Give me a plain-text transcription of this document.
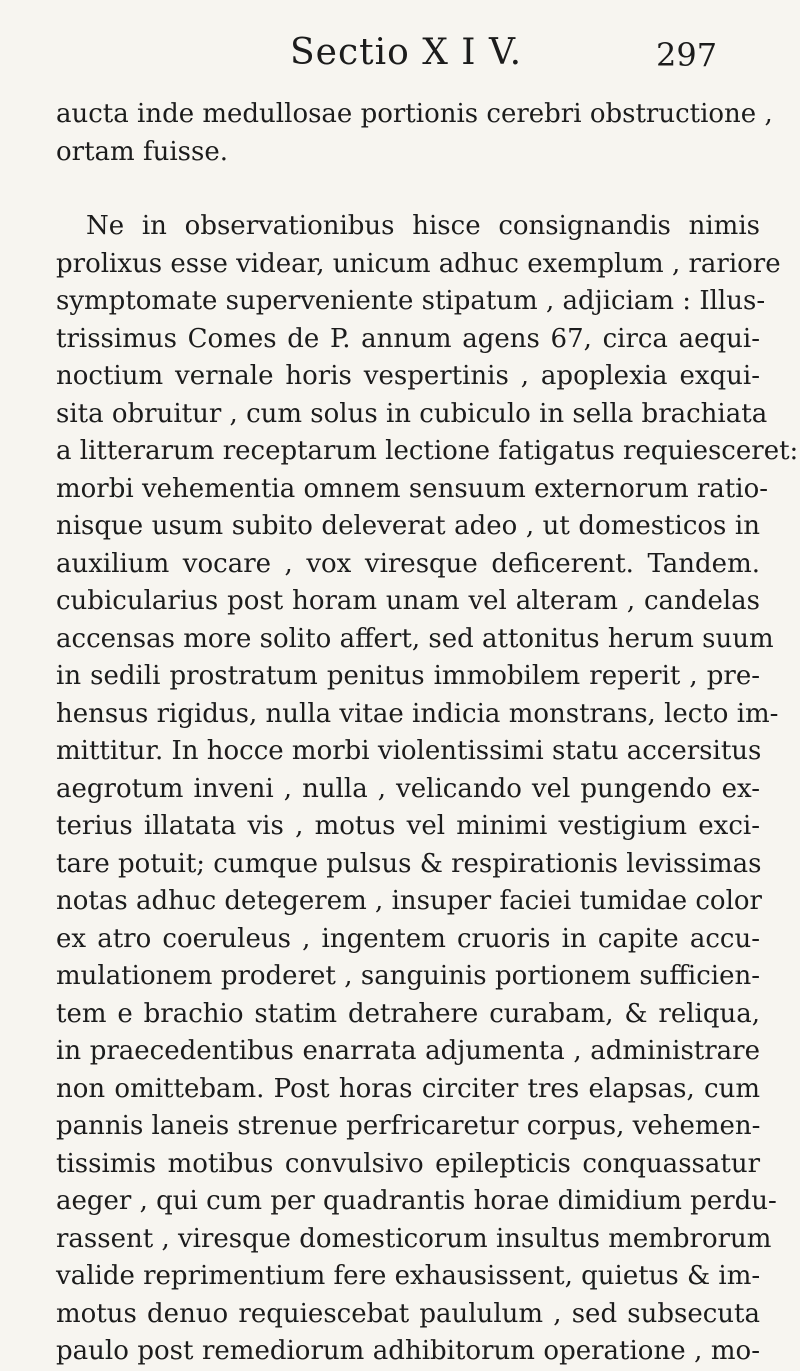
Sectio X I V.	297
aucta inde medullosae portionis cerebri obstructione ,
ortam fuisse.
Ne in observationibus hisce consignandis nimis
prolixus esse videar, unicum adhuc exemplum , rariore
symptomate superveniente stipatum , adjiciam : Illus-
trissimus Comes de P. annum agens 67, circa aequi-
noctium vernale horis vespertinis , apoplexia exqui-
sita obruitur , cum solus in cubiculo in sella brachiata
a litterarum receptarum lectione fatigatus requiesceret:
morbi vehementia omnem sensuum externorum ratio-
nisque usum subito deleverat adeo , ut domesticos in
auxilium vocare , vox viresque deficerent. Tandem.
cubicularius post horam unam vel alteram , candelas
accensas more solito affert, sed attonitus herum suum
in sedili prostratum penitus immobilem reperit , pre-
hensus rigidus, nulla vitae indicia monstrans, lecto im-
mittitur. In hocce morbi violentissimi statu accersitus
aegrotum inveni , nulla , velicando vel pungendo ex-
terius illatata vis , motus vel minimi vestigium exci-
tare potuit; cumque pulsus & respirationis levissimas
notas adhuc detegerem , insuper faciei tumidae color
ex atro coeruleus , ingentem cruoris in capite accu-
mulationem proderet , sanguinis portionem sufficien-
tem e brachio statim detrahere curabam, & reliqua,
in praecedentibus enarrata adjumenta , administrare
non omittebam. Post horas circiter tres elapsas, cum
pannis laneis strenue perfricaretur corpus, vehemen-
tissimis motibus convulsivo epilepticis conquassatur
aeger , qui cum per quadrantis horae dimidium perdu-
rassent , viresque domesticorum insultus membrorum
valide reprimentium fere exhausissent, quietus & im-
motus denuo requiescebat paululum , sed subsecuta
paulo post remediorum adhibitorum operatione , mo-
